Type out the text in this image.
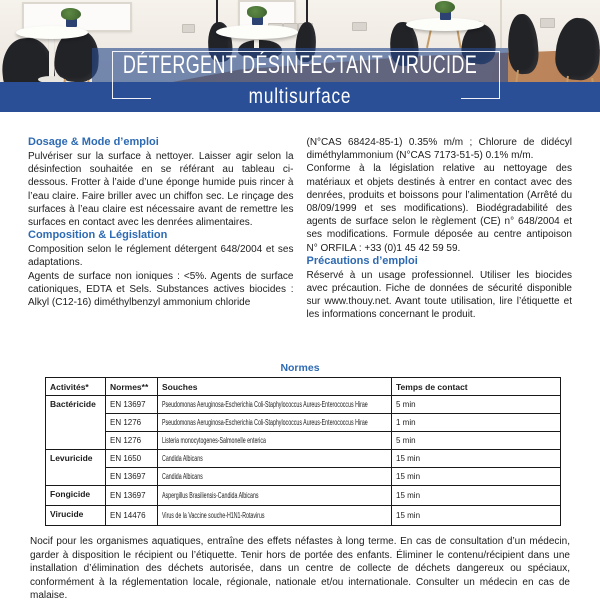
DÉTERGENT DÉSINFECTANT VIRUCIDE
multisurface
Dosage & Mode d’emploi

Pulvériser sur la surface à nettoyer. Laisser agir selon la désinfection souhaitée en se référant au tableau ci-dessous. Frotter à l’aide d’une éponge humide puis rincer à l’eau claire. Faire briller avec un chiffon sec. Le rinçage des surfaces à l’eau claire est nécessaire avant de remettre les surfaces en contact avec les denrées alimentaires.

Composition & Législation

Composition selon le réglement détergent 648/2004 et ses adaptations.

Agents de surface non ioniques : <5%. Agents de surface cationiques, EDTA et Sels. Substances actives biocides : Alkyl (C12-16) diméthylbenzyl ammonium chloride

(N°CAS 68424-85-1) 0.35% m/m ; Chlorure de didécyl diméthylammonium (N°CAS 7173-51-5) 0.1% m/m.

Conforme à la législation relative au nettoyage des matériaux et objets destinés à entrer en contact avec des denrées, produits et boissons pour l’alimentation (Arrêté du 08/09/1999 et ses modifications). Biodégradabilité des agents de surface selon le règlement (CE) n° 648/2004 et ses modifications. Formule déposée au centre antipoison N° ORFILA : +33 (0)1 45 42 59 59.

Précautions d’emploi

Réservé à un usage professionnel. Utiliser les biocides avec précaution. Fiche de données de sécurité disponible sur www.thouy.net. Avant toute utilisation, lire l’étiquette et les informations concernant le produit.

Normes
Activités*	Normes**	Souches	Temps de contact
Bactéricide	EN 13697	Pseudomonas Aeruginosa-Escherichia Coli-Staphylococcus Aureus-Enterococcus Hirae	5 min
	EN 1276	Pseudomonas Aeruginosa-Escherichia Coli-Staphylococcus Aureus-Enterococcus Hirae	1 min
	EN 1276	Listeria monocytogenes-Salmonelle enterica	5 min
Levuricide	EN 1650	Candida Albicans	15 min
	EN 13697	Candida Albicans	15 min
Fongicide	EN 13697	Aspergillus Brasiliensis-Candida Albicans	15 min
Virucide	EN 14476	Virus de la Vaccine souche-H1N1-Rotavirus	15 min

Nocif pour les organismes aquatiques, entraîne des effets néfastes à long terme. En cas de consultation d’un médecin, garder à disposition le récipient ou l’étiquette. Tenir hors de portée des enfants. Éliminer le contenu/récipient dans une installation d’élimination des déchets autorisée, dans un centre de collecte de déchets dangereux ou spéciaux, conformément à la réglementation locale, régionale, nationale et/ou internationale. Consulter un médecin en cas de malaise.
